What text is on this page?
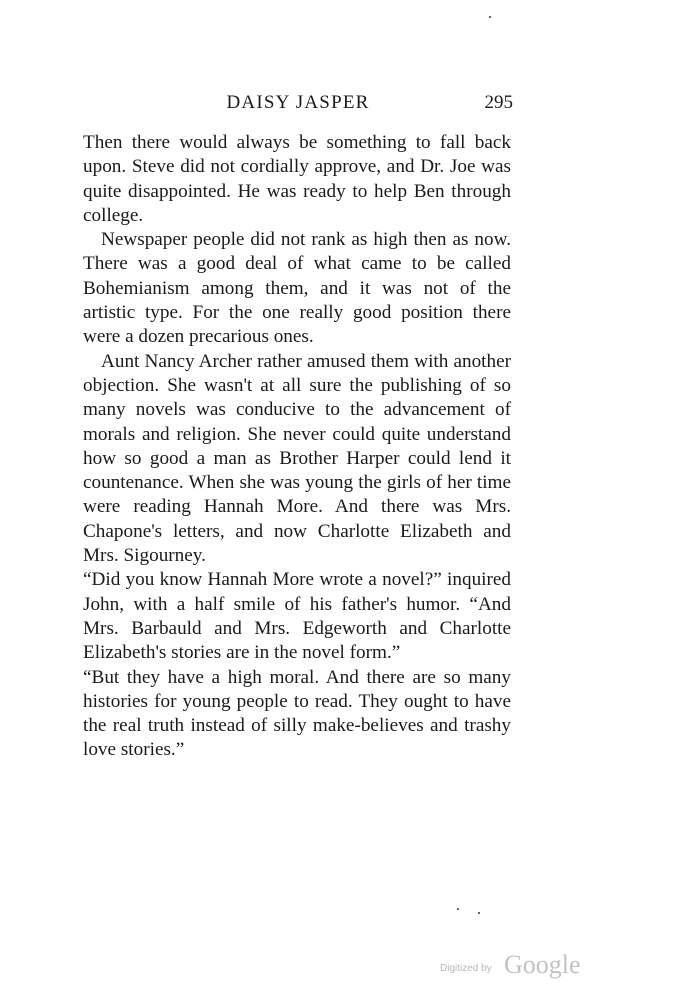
DAISY JASPER	295

Then there would always be something to fall back upon. Steve did not cordially approve, and Dr. Joe was quite disappointed. He was ready to help Ben through college.

Newspaper people did not rank as high then as now. There was a good deal of what came to be called Bohemianism among them, and it was not of the artistic type. For the one really good position there were a dozen precarious ones.

Aunt Nancy Archer rather amused them with another objection. She wasn't at all sure the publishing of so many novels was conducive to the advancement of morals and religion. She never could quite understand how so good a man as Brother Harper could lend it countenance. When she was young the girls of her time were reading Hannah More. And there was Mrs. Chapone's letters, and now Charlotte Elizabeth and Mrs. Sigourney.

“Did you know Hannah More wrote a novel?” inquired John, with a half smile of his father's humor. “And Mrs. Barbauld and Mrs. Edgeworth and Charlotte Elizabeth's stories are in the novel form.”

“But they have a high moral. And there are so many histories for young people to read. They ought to have the real truth instead of silly make-believes and trashy love stories.”

Digitized by Google
